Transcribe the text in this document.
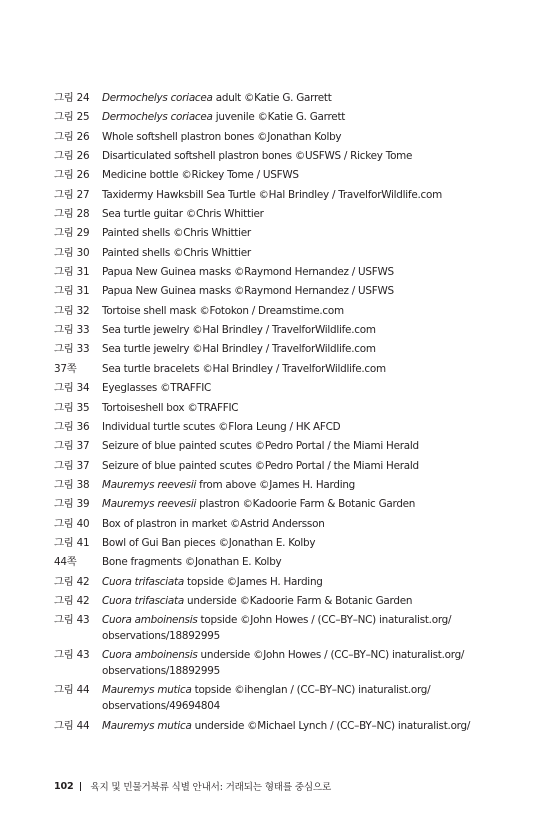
그림 24	Dermochelys coriacea adult ©Katie G. Garrett
그림 25	Dermochelys coriacea juvenile ©Katie G. Garrett
그림 26	Whole softshell plastron bones ©Jonathan Kolby
그림 26	Disarticulated softshell plastron bones ©USFWS / Rickey Tome
그림 26	Medicine bottle ©Rickey Tome / USFWS
그림 27	Taxidermy Hawksbill Sea Turtle ©Hal Brindley / TravelforWildlife.com
그림 28	Sea turtle guitar ©Chris Whittier
그림 29	Painted shells ©Chris Whittier
그림 30	Painted shells ©Chris Whittier
그림 31	Papua New Guinea masks ©Raymond Hernandez / USFWS
그림 31	Papua New Guinea masks ©Raymond Hernandez / USFWS
그림 32	Tortoise shell mask ©Fotokon / Dreamstime.com
그림 33	Sea turtle jewelry ©Hal Brindley / TravelforWildlife.com
그림 33	Sea turtle jewelry ©Hal Brindley / TravelforWildlife.com
37쪽	Sea turtle bracelets ©Hal Brindley / TravelforWildlife.com
그림 34	Eyeglasses ©TRAFFIC
그림 35	Tortoiseshell box ©TRAFFIC
그림 36	Individual turtle scutes ©Flora Leung / HK AFCD
그림 37	Seizure of blue painted scutes ©Pedro Portal / the Miami Herald
그림 37	Seizure of blue painted scutes ©Pedro Portal / the Miami Herald
그림 38	Mauremys reevesii from above ©James H. Harding
그림 39	Mauremys reevesii plastron ©Kadoorie Farm & Botanic Garden
그림 40	Box of plastron in market ©Astrid Andersson
그림 41	Bowl of Gui Ban pieces ©Jonathan E. Kolby
44쪽	Bone fragments ©Jonathan E. Kolby
그림 42	Cuora trifasciata topside ©James H. Harding
그림 42	Cuora trifasciata underside ©Kadoorie Farm & Botanic Garden
그림 43	Cuora amboinensis topside ©John Howes / (CC–BY–NC) inaturalist.org/ observations/18892995
그림 43	Cuora amboinensis underside ©John Howes / (CC–BY–NC) inaturalist.org/ observations/18892995
그림 44	Mauremys mutica topside ©ihenglan / (CC–BY–NC) inaturalist.org/ observations/49694804
그림 44	Mauremys mutica underside ©Michael Lynch / (CC–BY–NC) inaturalist.org/
102 육지 및 민물거북류 식별 안내서: 거래되는 형태를 중심으로
